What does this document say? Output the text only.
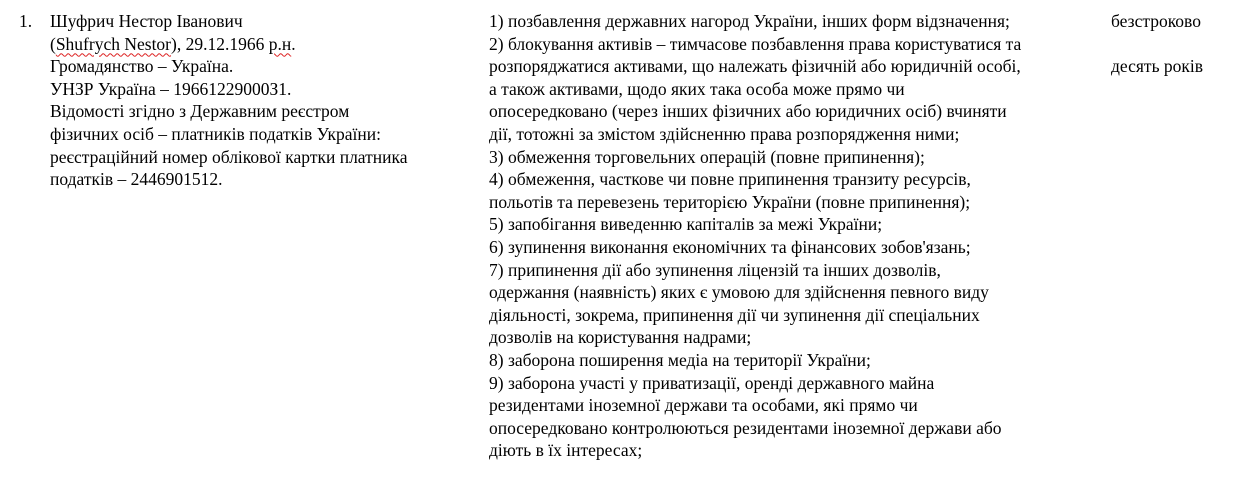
1. Шуфрич Нестор Іванович
(Shufrych Nestor), 29.12.1966 р.н.
Громадянство – Україна.
УНЗР Україна – 19661229000З1.
Відомості згідно з Державним реєстром
фізичних осіб – платників податків України:
реєстраційний номер облікової картки платника
податків – 2446901512.
1) позбавлення державних нагород України, інших форм відзначення;
2) блокування активів – тимчасове позбавлення права користуватися та
розпоряджатися активами, що належать фізичній або юридичній особі,
а також активами, щодо яких така особа може прямо чи
опосередковано (через інших фізичних або юридичних осіб) вчиняти
дії, тотожні за змістом здійсненню права розпорядження ними;
3) обмеження торговельних операцій (повне припинення);
4) обмеження, часткове чи повне припинення транзиту ресурсів,
польотів та перевезень територією України (повне припинення);
5) запобігання виведенню капіталів за межі України;
6) зупинення виконання економічних та фінансових зобов'язань;
7) припинення дії або зупинення ліцензій та інших дозволів,
одержання (наявність) яких є умовою для здійснення певного виду
діяльності, зокрема, припинення дії чи зупинення дії спеціальних
дозволів на користування надрами;
8) заборона поширення медіа на території України;
9) заборона участі у приватизації, оренді державного майна
резидентами іноземної держави та особами, які прямо чи
опосередковано контролюються резидентами іноземної держави або
діють в їх інтересах;
безстроково
десять років
